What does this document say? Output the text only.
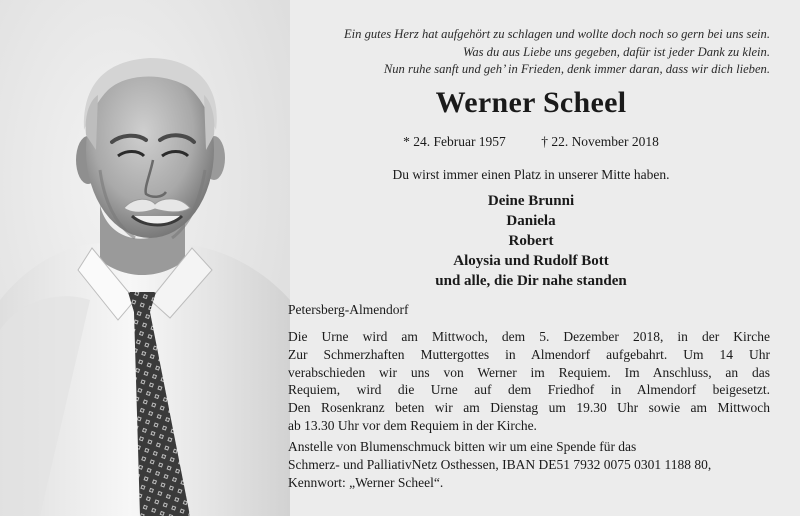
Ein gutes Herz hat aufgehört zu schlagen und wollte doch noch so gern bei uns sein.
Was du aus Liebe uns gegeben, dafür ist jeder Dank zu klein.
Nun ruhe sanft und geh’ in Frieden, denk immer daran, dass wir dich lieben.
Werner Scheel
* 24. Februar 1957	† 22. November 2018
Du wirst immer einen Platz in unserer Mitte haben.
Deine Brunni
Daniela
Robert
Aloysia und Rudolf Bott
und alle, die Dir nahe standen
Petersberg-Almendorf
Die Urne wird am Mittwoch, dem 5. Dezember 2018, in der Kirche
Zur Schmerzhaften Muttergottes in Almendorf aufgebahrt. Um 14 Uhr
verabschieden wir uns von Werner im Requiem. Im Anschluss, an das
Requiem, wird die Urne auf dem Friedhof in Almendorf beigesetzt.
Den Rosenkranz beten wir am Dienstag um 19.30 Uhr sowie am Mittwoch
ab 13.30 Uhr vor dem Requiem in der Kirche.
Anstelle von Blumenschmuck bitten wir um eine Spende für das
Schmerz- und PalliativNetz Osthessen, IBAN DE51 7932 0075 0301 1188 80,
Kennwort: „Werner Scheel“.
